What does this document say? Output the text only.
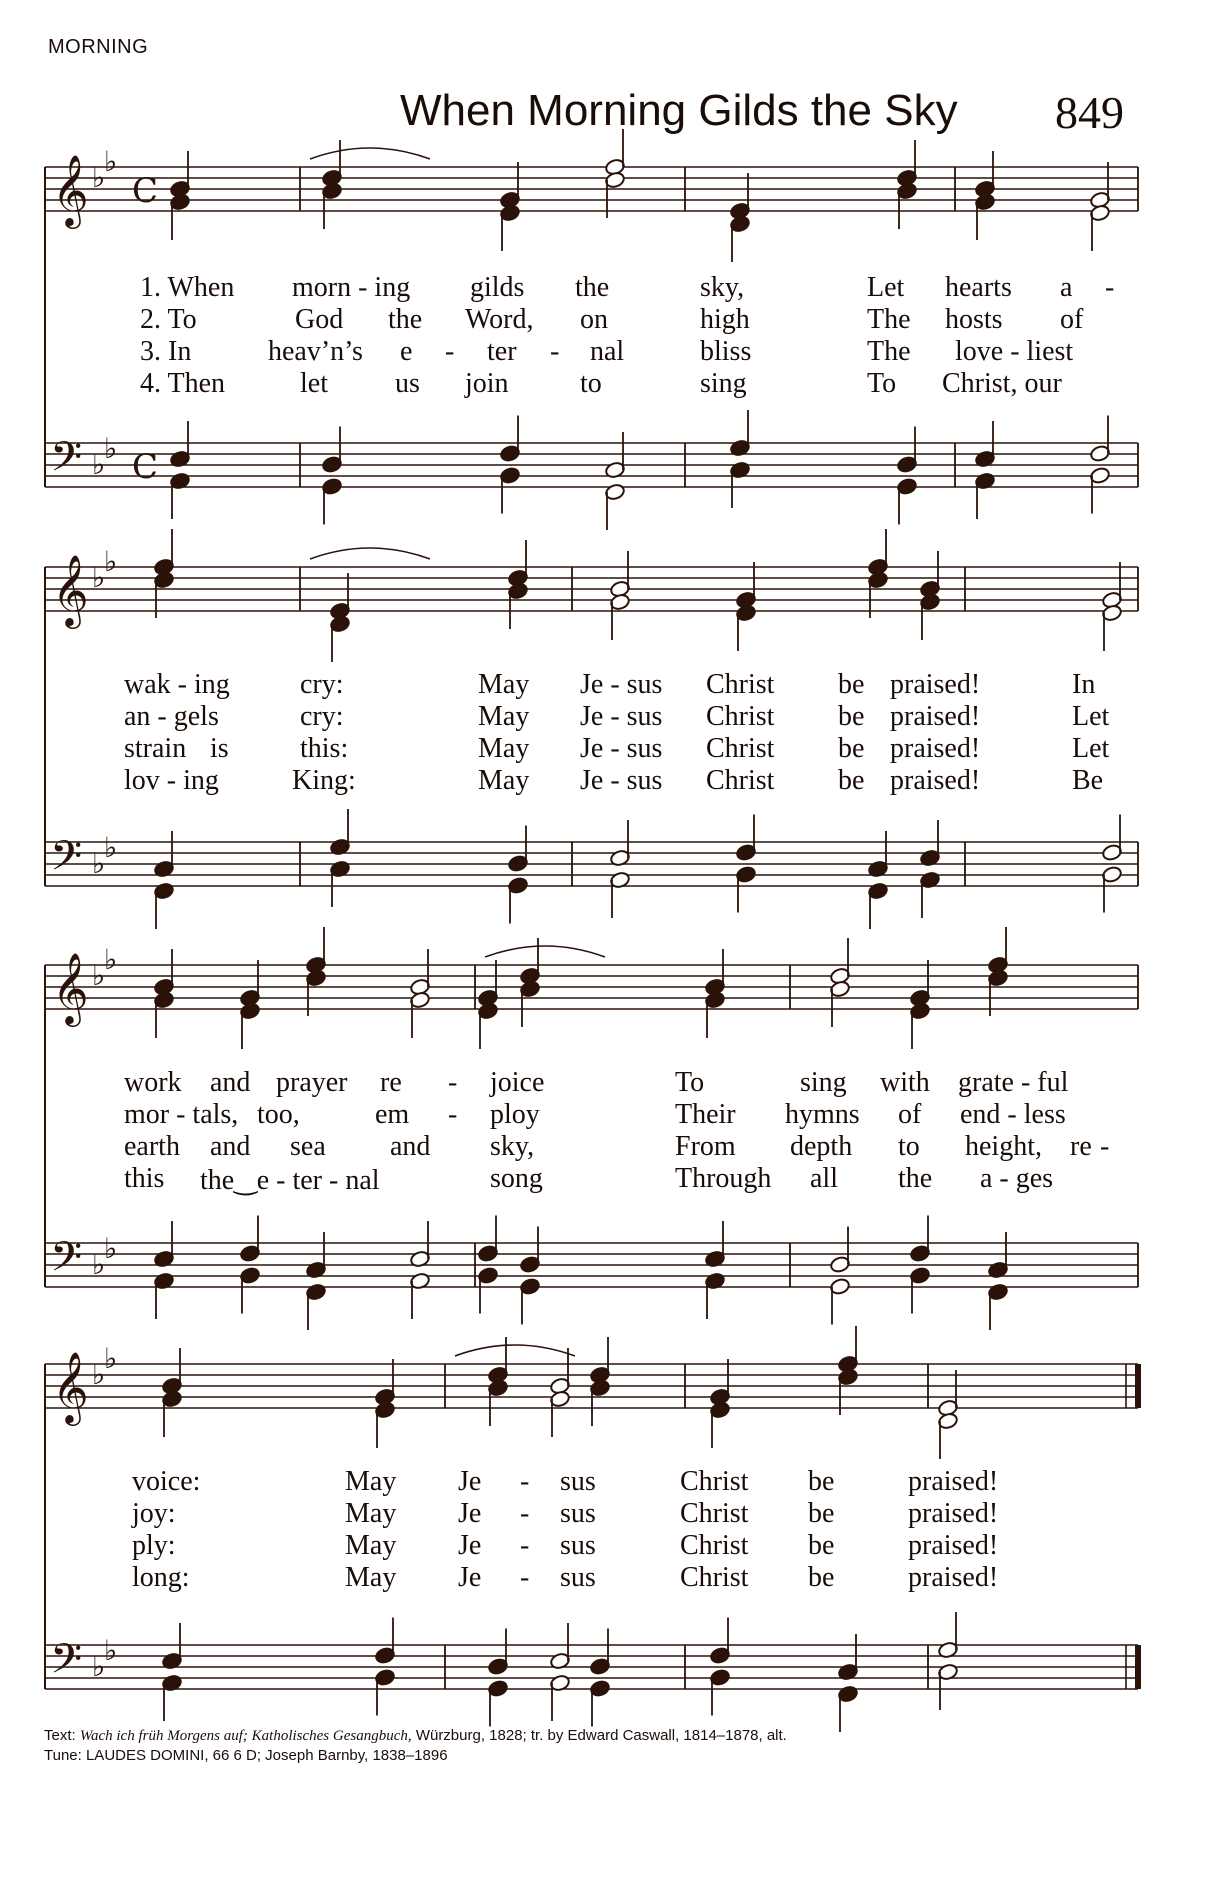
MORNING
When Morning Gilds the Sky 849
𝄞
𝄢
♭
♭
♭
♭
C
C
𝄞
𝄢
♭
♭
♭
♭
𝄞
𝄢
♭
♭
♭
♭
𝄞
𝄢
♭
♭
♭
♭
1. When morn - ing gilds the	sky,	Let hearts a -
2. To	God the Word, on	high	The hosts of
3. In	heav’n’s e - ter - nal	bliss	The love - liest
4. Then	let us join	to	sing	To Christ, our
wak - ing	cry:	May Je - sus Christ be praised!	In
an - gels	cry:	May Je - sus Christ be praised!	Let
strain is	this:	May Je - sus Christ be praised!	Let
lov - ing	King:	May Je - sus Christ be praised!	Be
work and prayer re - joice	To	sing with grate - ful
mor - tals, too,	em - ploy	Their hymns of end - less
earth and sea and sky,	From depth to height, re -
this the‿e - ter - nal	song	Through all the a - ges
voice:	May Je - sus	Christ be	praised!
joy:	May Je - sus	Christ be	praised!
ply:	May Je - sus	Christ be	praised!
long:	May Je - sus	Christ be	praised!
Text: Wach ich früh Morgens auf; Katholisches Gesangbuch, Würzburg, 1828; tr. by Edward Caswall, 1814–1878, alt.
Tune: LAUDES DOMINI, 66 6 D; Joseph Barnby, 1838–1896
